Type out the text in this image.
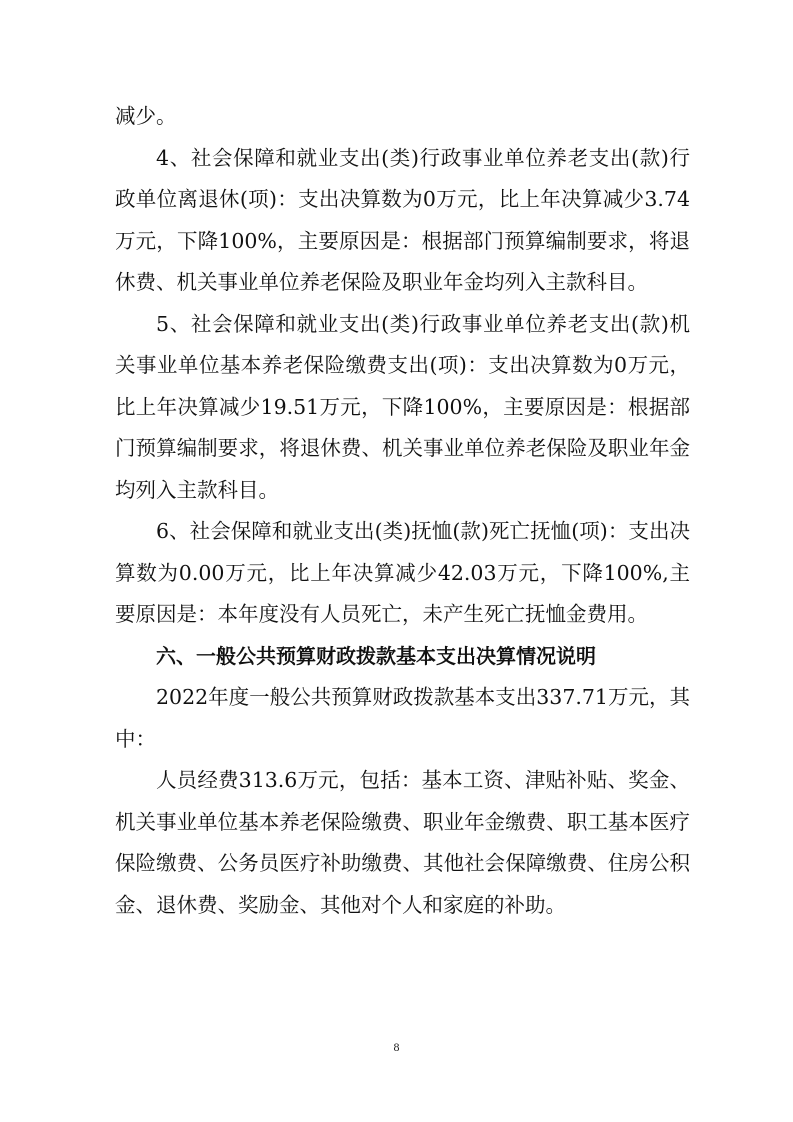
减少。

4、社会保障和就业支出(类)行政事业单位养老支出(款)行政单位离退休(项)：支出决算数为0万元，比上年决算减少3.74万元，下降100%，主要原因是：根据部门预算编制要求，将退休费、机关事业单位养老保险及职业年金均列入主款科目。

5、社会保障和就业支出(类)行政事业单位养老支出(款)机关事业单位基本养老保险缴费支出(项)：支出决算数为0万元，比上年决算减少19.51万元，下降100%，主要原因是：根据部门预算编制要求，将退休费、机关事业单位养老保险及职业年金均列入主款科目。

6、社会保障和就业支出(类)抚恤(款)死亡抚恤(项)：支出决算数为0.00万元，比上年决算减少42.03万元，下降100%,主要原因是：本年度没有人员死亡，未产生死亡抚恤金费用。

六、一般公共预算财政拨款基本支出决算情况说明

2022年度一般公共预算财政拨款基本支出337.71万元，其中：

人员经费313.6万元，包括：基本工资、津贴补贴、奖金、机关事业单位基本养老保险缴费、职业年金缴费、职工基本医疗保险缴费、公务员医疗补助缴费、其他社会保障缴费、住房公积金、退休费、奖励金、其他对个人和家庭的补助。

8
